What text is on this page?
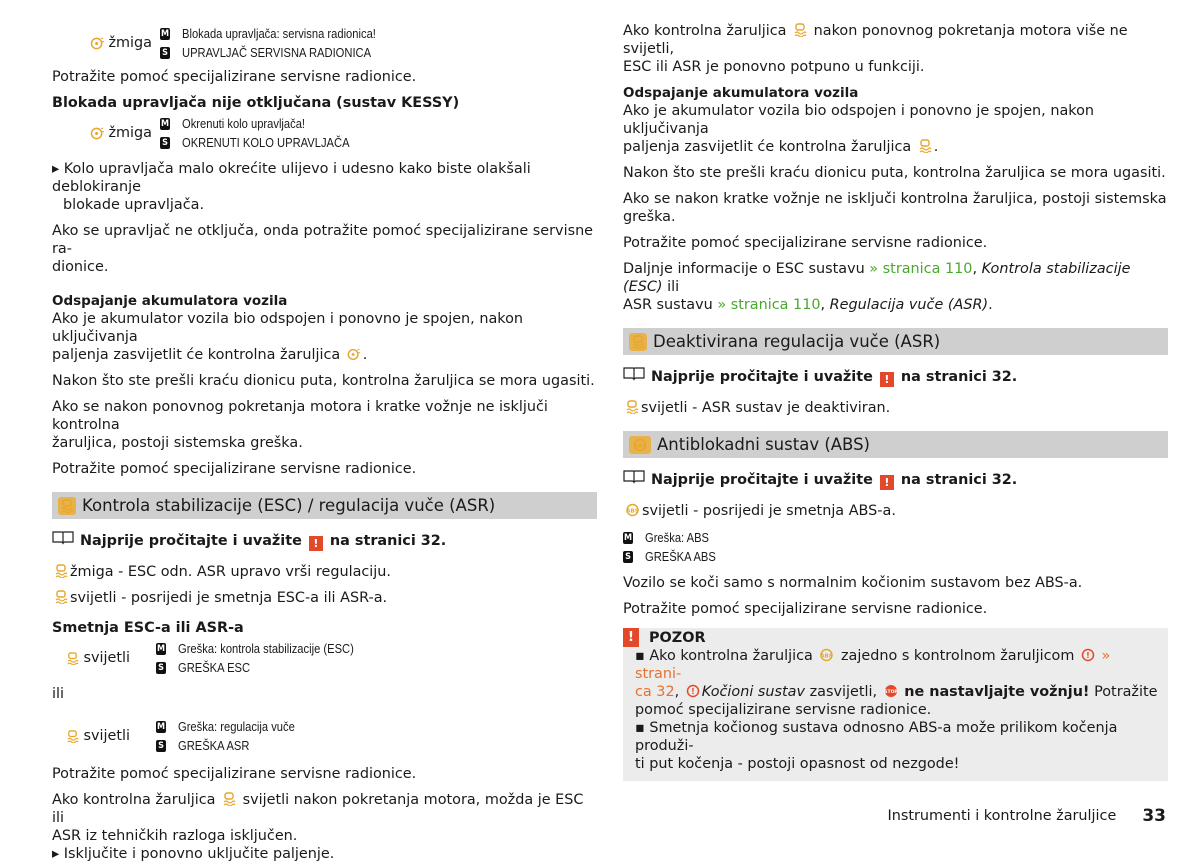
žmiga
M Blokada upravljača: servisna radionica!
S UPRAVLJAČ SERVISNA RADIONICA

Potražite pomoć specijalizirane servisne radionice.

Blokada upravljača nije otključana (sustav KESSY)

žmiga
M Okrenuti kolo upravljača!
S OKRENUTI KOLO UPRAVLJAČA

▸ Kolo upravljača malo okrećite ulijevo i udesno kako biste olakšali deblokiranje
blokade upravljača.

Ako se upravljač ne otključa, onda potražite pomoć specijalizirane servisne ra-
dionice.

Odspajanje akumulatora vozila

Ako je akumulator vozila bio odspojen i ponovno je spojen, nakon uključivanja
paljenja zasvijetlit će kontrolna žaruljica .

Nakon što ste prešli kraću dionicu puta, kontrolna žaruljica se mora ugasiti.

Ako se nakon ponovnog pokretanja motora i kratke vožnje ne isključi kontrolna
žaruljica, postoji sistemska greška.

Potražite pomoć specijalizirane servisne radionice.

Kontrola stabilizacije (ESC) / regulacija vuče (ASR)

Najprije pročitajte i uvažite ! na stranici 32.

žmiga - ESC odn. ASR upravo vrši regulaciju.

svijetli - posrijedi je smetnja ESC-a ili ASR-a.

Smetnja ESC-a ili ASR-a

svijetli
M Greška: kontrola stabilizacije (ESC)
S GREŠKA ESC

ili

svijetli
M Greška: regulacija vuče
S GREŠKA ASR

Potražite pomoć specijalizirane servisne radionice.

Ako kontrolna žaruljica svijetli nakon pokretanja motora, možda je ESC ili
ASR iz tehničkih razloga isključen.
▸ Isključite i ponovno uključite paljenje.

Ako kontrolna žaruljica nakon ponovnog pokretanja motora više ne svijetli,
ESC ili ASR je ponovno potpuno u funkciji.

Odspajanje akumulatora vozila

Ako je akumulator vozila bio odspojen i ponovno je spojen, nakon uključivanja
paljenja zasvijetlit će kontrolna žaruljica .

Nakon što ste prešli kraću dionicu puta, kontrolna žaruljica se mora ugasiti.

Ako se nakon kratke vožnje ne isključi kontrolna žaruljica, postoji sistemska
greška.

Potražite pomoć specijalizirane servisne radionice.

Daljnje informacije o ESC sustavu » stranica 110, Kontrola stabilizacije (ESC) ili
ASR sustavu » stranica 110, Regulacija vuče (ASR).

Deaktivirana regulacija vuče (ASR)

Najprije pročitajte i uvažite ! na stranici 32.

svijetli - ASR sustav je deaktiviran.

Antiblokadni sustav (ABS)

Najprije pročitajte i uvažite ! na stranici 32.

svijetli - posrijedi je smetnja ABS-a.

M Greška: ABS
S GREŠKA ABS

Vozilo se koči samo s normalnim kočionim sustavom bez ABS-a.

Potražite pomoć specijalizirane servisne radionice.

!	POZOR

▪ Ako kontrolna žaruljica zajedno s kontrolnom žaruljicom » strani-
ca 32, Kočioni sustav zasvijetli, ne nastavljajte vožnju! Potražite
pomoć specijalizirane servisne radionice.

▪ Smetnja kočionog sustava odnosno ABS-a može prilikom kočenja produži-
ti put kočenja - postoji opasnost od nezgode!

Instrumenti i kontrolne žaruljice 33
